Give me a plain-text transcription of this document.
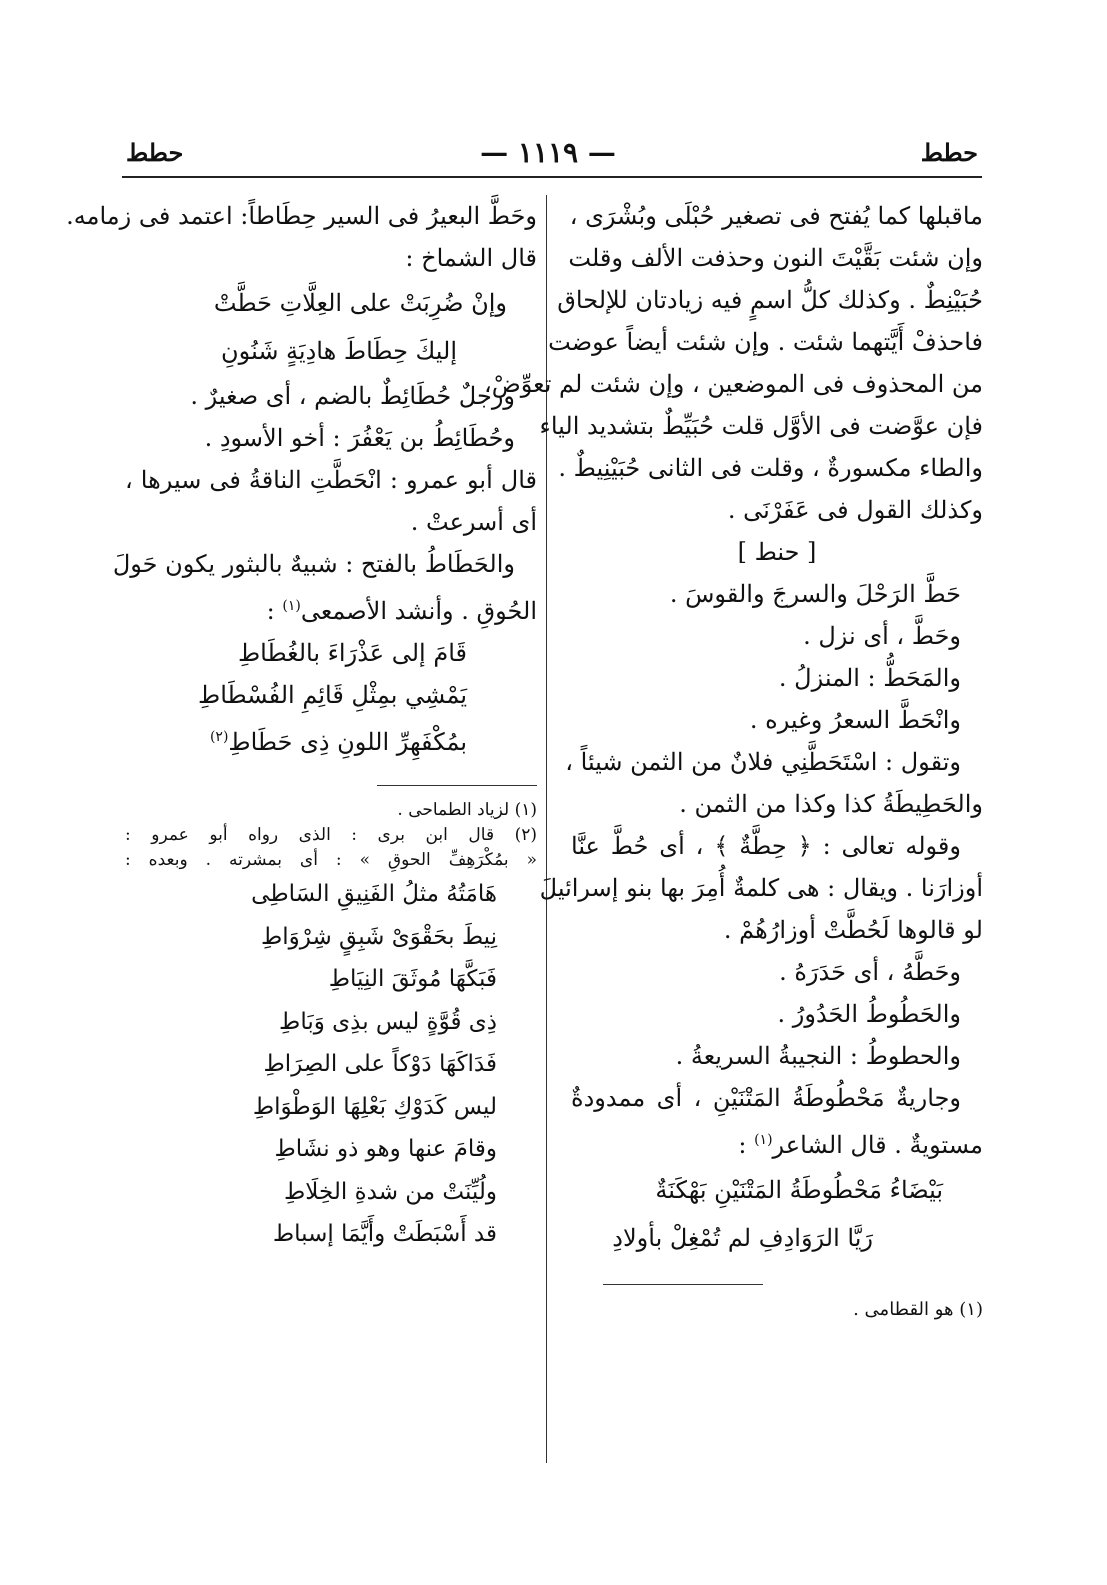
حطط
— ١١١٩ —
حطط
ماقبلها كما يُفتح فى تصغير حُبْلَى وبُشْرَى ،
وإن شئت بَقَّيْتَ النون وحذفت الألف وقلت
حُبَيْنِطٌ . وكذلك كلُّ اسمٍ فيه زيادتان للإلحاق
فاحذفْ أَيَّتهما شئت . وإن شئت أيضاً عوضت
من المحذوف فى الموضعين ، وإن شئت لم تعوِّضْ،
فإن عوَّضت فى الأوَّل قلت حُبَيِّطٌ بتشديد الياء
والطاء مكسورةٌ ، وقلت فى الثانى حُبَيْنِيطٌ .
وكذلك القول فى عَفَرْنَى .
[ حنط ]
حَطَّ الرَحْلَ والسرجَ والقوسَ .
وحَطَّ ، أى نزل .
والمَحَطُّ : المنزلُ .
وانْحَطَّ السعرُ وغيره .
وتقول : اسْتَحَطَّنِي فلانٌ من الثمن شيئاً ،
والحَطِيطَةُ كذا وكذا من الثمن .
وقوله تعالى : ﴿ حِطَّةٌ ﴾ ، أى حُطَّ عنَّا
أوزارَنا . ويقال : هى كلمةٌ أُمِرَ بها بنو إسرائيلَ
لو قالوها لَحُطَّتْ أوزارُهُمْ .
وحَطَّهُ ، أى حَدَرَهُ .
والحَطُوطُ الحَدُورُ .
والحطوطُ : النجيبةُ السريعةُ .
وجاريةٌ مَحْطُوطَةُ المَتْنَيْنِ ، أى ممدودةٌ
مستويةٌ . قال الشاعر$^{(١)}$ :
بَيْضَاءُ مَحْطُوطَةُ المَتْنَيْنِ بَهْكَنَةٌ
رَيَّا الرَوَادِفِ لم تُمْغِلْ بأولادِ
(١) هو القطامى .
وحَطَّ البعيرُ فى السير حِطَاطاً: اعتمد فى زمامه.
قال الشماخ :
وإنْ ضُرِبَتْ على العِلَّاتِ حَطَّتْ
إليكَ حِطَاطَ هادِيَةٍ شَنُونِ
ورجلٌ حُطَائِطٌ بالضم ، أى صغيرٌ .
وحُطَائِطُ بن يَعْفُرَ : أخو الأسودِ .
قال أبو عمرو : انْحَطَّتِ الناقةُ فى سيرها ،
أى أسرعتْ .
والحَطَاطُ بالفتح : شبيهٌ بالبثور يكون حَولَ
الحُوقِ . وأنشد الأصمعى$^{(١)}$ :
قَامَ إلى عَذْرَاءَ بالغُطَاطِ
يَمْشِي بمِثْلِ قَائِمِ الفُسْطَاطِ
بمُكْفَهِرِّ اللونِ ذِى حَطَاطِ$^{(٢)}$
(١) لزياد الطماحى .
(٢) قال ابن برى : الذى رواه أبو عمرو :
« بمُكْرَهِفِّ الحوقِ » : أى بمشرته . وبعده :
هَامَتُهُ مثلُ الفَنِيقِ السَاطِى
نِيطَ بحَقْوَىْ شَبِقٍ شِرْوَاطِ
فَبَكَّهَا مُوثَقَ النِيَاطِ
ذِى قُوَّةٍ ليس بذِى وَبَاطِ
فَدَاكَهَا دَوْكاً على الصِرَاطِ
ليس كَدَوْكِ بَعْلِهَا الوَطْوَاطِ
وقامَ عنها وهو ذو نشَاطِ
ولُيِّنَتْ من شدةِ الخِلَاطِ
قد أَسْبَطَتْ وأَيَّمَا إسباط
